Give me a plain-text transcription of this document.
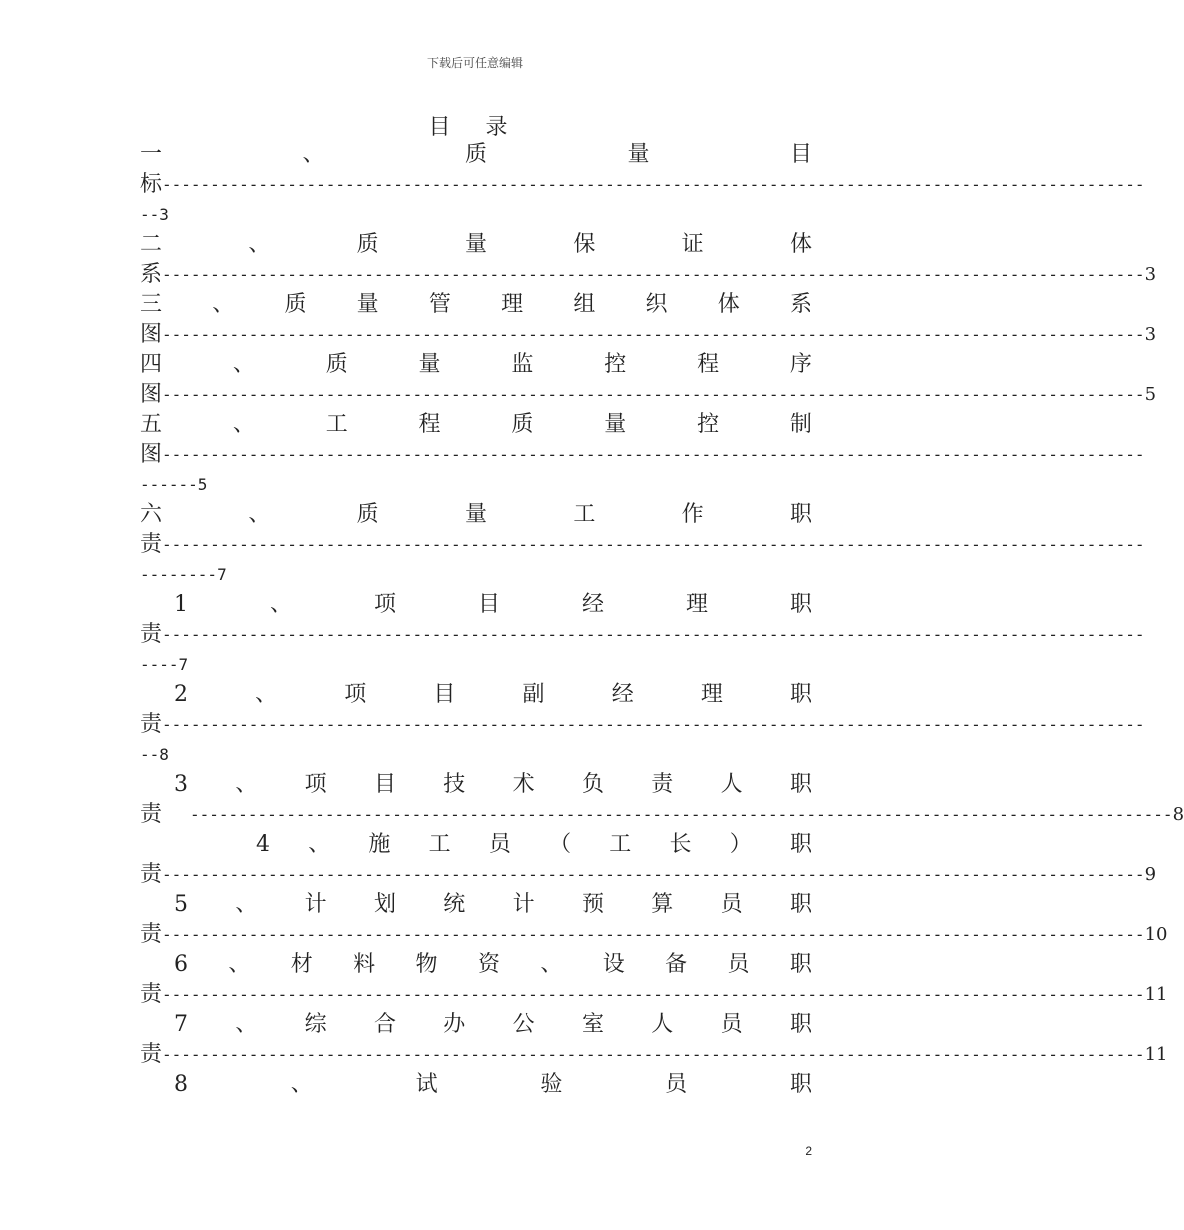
下载后可任意编辑
目 录
一	、	质	量	目
标 ------------------------------------------------------------------------------------------------------
--3
二	、	质	量	保	证	体
系 ------------------------------------------------------------------------------------------------------ 3
三 、 质 量 管 理 组 织 体 系
图 ------------------------------------------------------------------------------------------------------ 3
四	、	质	量	监	控	程	序
图 ------------------------------------------------------------------------------------------------------ 5
五	、	工	程	质	量	控	制
图 ------------------------------------------------------------------------------------------------------
------5
六	、	质	量	工	作	职
责 ------------------------------------------------------------------------------------------------------
--------7
1	、	项	目	经	理	职
责 ------------------------------------------------------------------------------------------------------
----7
2	、	项	目	副	经	理	职
责 ------------------------------------------------------------------------------------------------------
--8
3 、 项 目 技 术 负 责 人 职
责	------------------------------------------------------------------------------------------------------ 8
4 、 施 工 员 （ 工 长 ） 职
责 ------------------------------------------------------------------------------------------------------ 9
5 、 计 划 统 计 预 算 员 职
责 ------------------------------------------------------------------------------------------------------ 10
6 、 材 料 物 资 、 设 备 员 职
责 ------------------------------------------------------------------------------------------------------ 11
7 、 综 合 办 公 室 人 员 职
责 ------------------------------------------------------------------------------------------------------ 11
8	、	试	验	员	职
2
